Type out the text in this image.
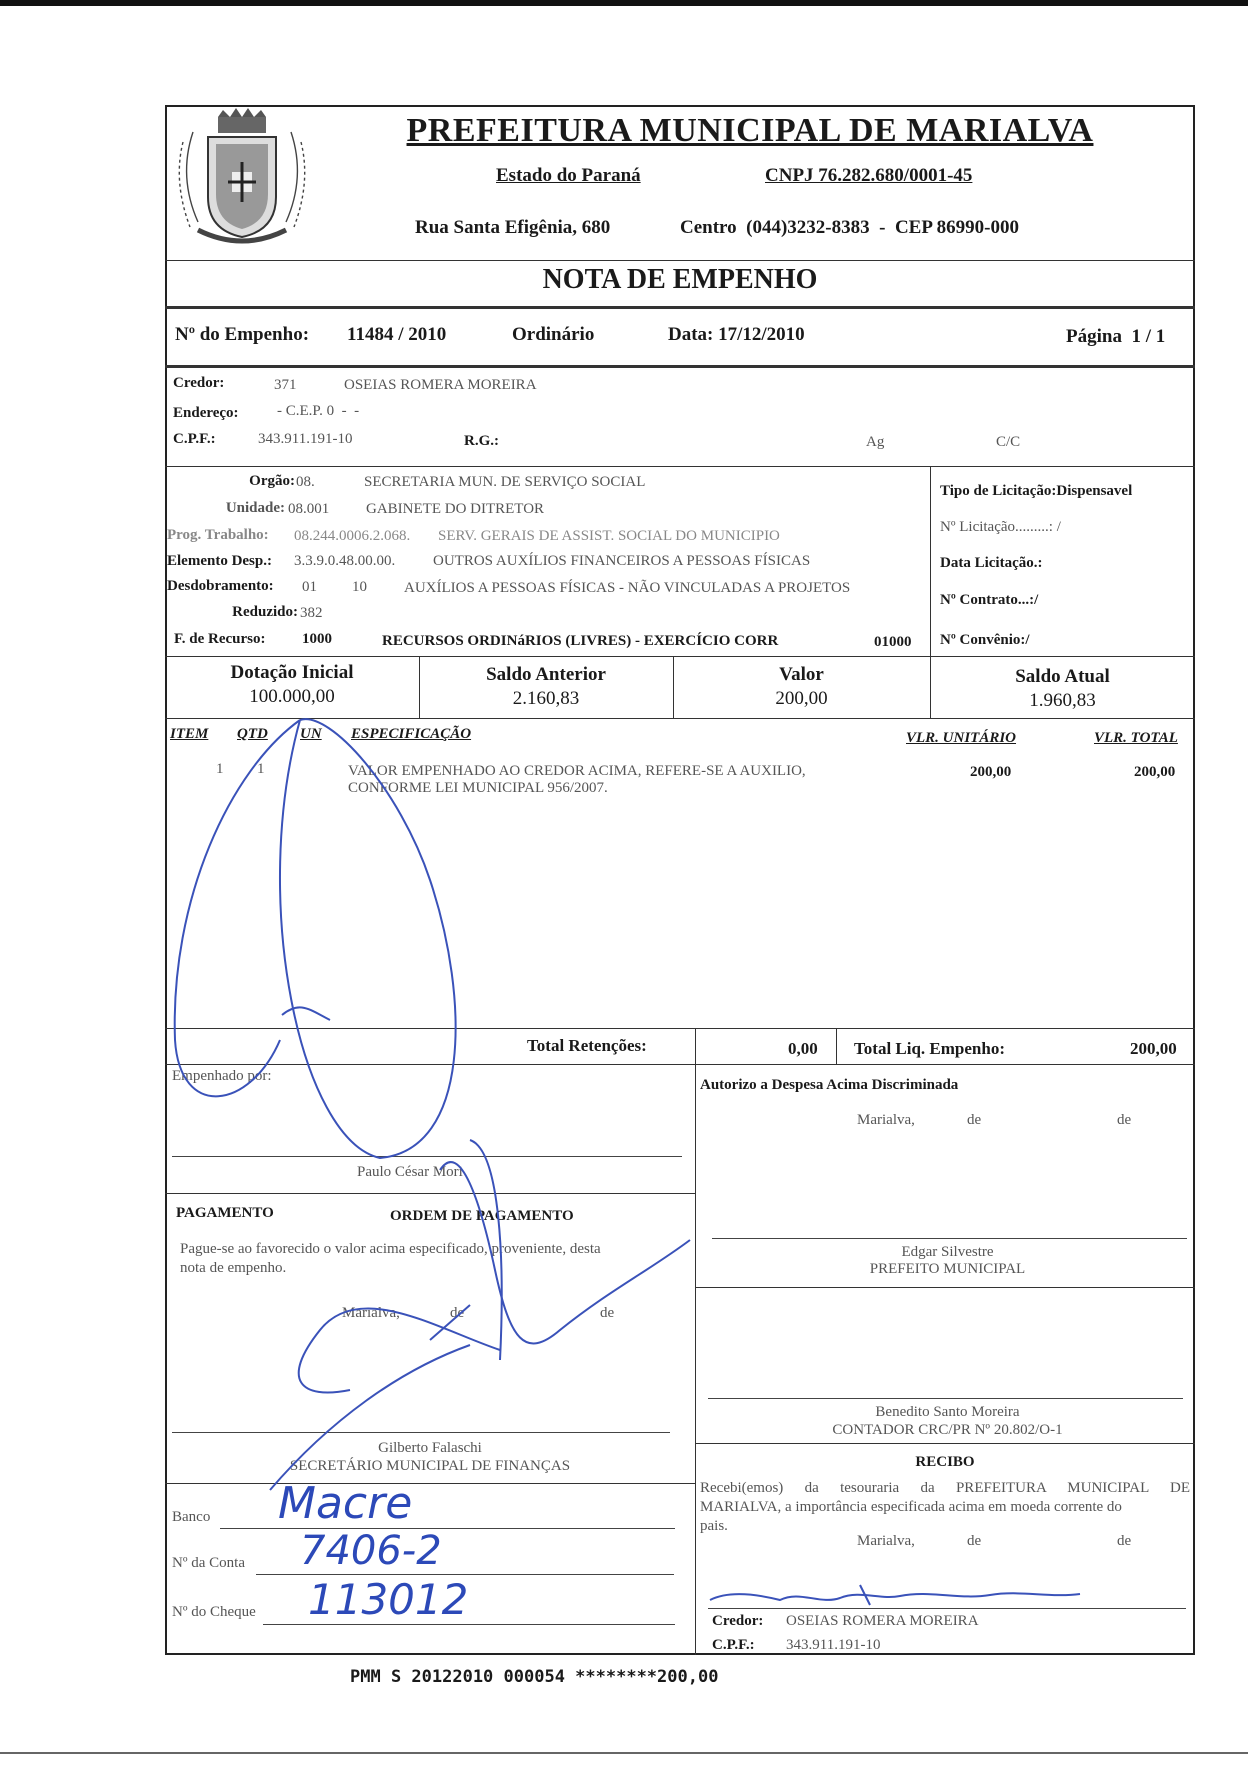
PREFEITURA MUNICIPAL DE MARIALVA
Estado do Paraná	CNPJ 76.282.680/0001-45
Rua Santa Efigênia, 680	Centro  (044)3232-8383  -  CEP 86990-000
NOTA DE EMPENHO
Nº do Empenho: 11484 / 2010	Ordinário	Data: 17/12/2010	Página  1 / 1
Credor:	371	OSEIAS ROMERA MOREIRA
Endereço:	- C.E.P. 0  -  -
C.P.F.:	343.911.191-10	R.G.:	Ag	C/C
Orgão: 08.	SECRETARIA MUN. DE SERVIÇO SOCIAL
Unidade: 08.001 GABINETE DO DITRETOR
Prog. Trabalho: 08.244.0006.2.068. SERV. GERAIS DE ASSIST. SOCIAL DO MUNICIPIO
Elemento Desp.: 3.3.9.0.48.00.00.	OUTROS AUXÍLIOS FINANCEIROS A PESSOAS FÍSICAS
Desdobramento: 01 10 AUXÍLIOS A PESSOAS FÍSICAS - NÃO VINCULADAS A PROJETOS
Reduzido: 382
F. de Recurso: 1000	RECURSOS ORDINáRIOS (LIVRES) - EXERCÍCIO CORR	01000
Tipo de Licitação:Dispensavel
Nº Licitação.........: /
Data Licitação.:
Nº Contrato...:/
Nº Convênio:/
Dotação Inicial
100.000,00
Saldo Anterior
2.160,83
Valor
200,00
Saldo Atual
1.960,83
ITEM QTD UN ESPECIFICAÇÃO	VLR. UNITÁRIO	VLR. TOTAL
1 1	VALOR EMPENHADO AO CREDOR ACIMA, REFERE-SE A AUXILIO,
CONFORME LEI MUNICIPAL 956/2007.
200,00	200,00
Total Retenções:	0,00 Total Liq. Empenho:	200,00
Empenhado por:
Paulo César Mori
Autorizo a Despesa Acima Discriminada
Marialva,	de	de
Edgar Silvestre
PREFEITO MUNICIPAL
PAGAMENTO	ORDEM DE PAGAMENTO
Pague-se ao favorecido o valor acima especificado, proveniente, desta
nota de empenho.
Marialva,	de	de
Gilberto Falaschi
SECRETÁRIO MUNICIPAL DE FINANÇAS
Benedito Santo Moreira
CONTADOR CRC/PR Nº 20.802/O-1
RECIBO
Recebi(emos) da tesouraria da PREFEITURA MUNICIPAL DE
MARIALVA, a importância especificada acima em moeda corrente do
pais.
Marialva,	de	de
Credor: OSEIAS ROMERA MOREIRA
C.P.F.: 343.911.191-10
Banco Macre
Nº da Conta 7406-2
Nº do Cheque 113012
PMM S 20122010 000054 ********200,00
